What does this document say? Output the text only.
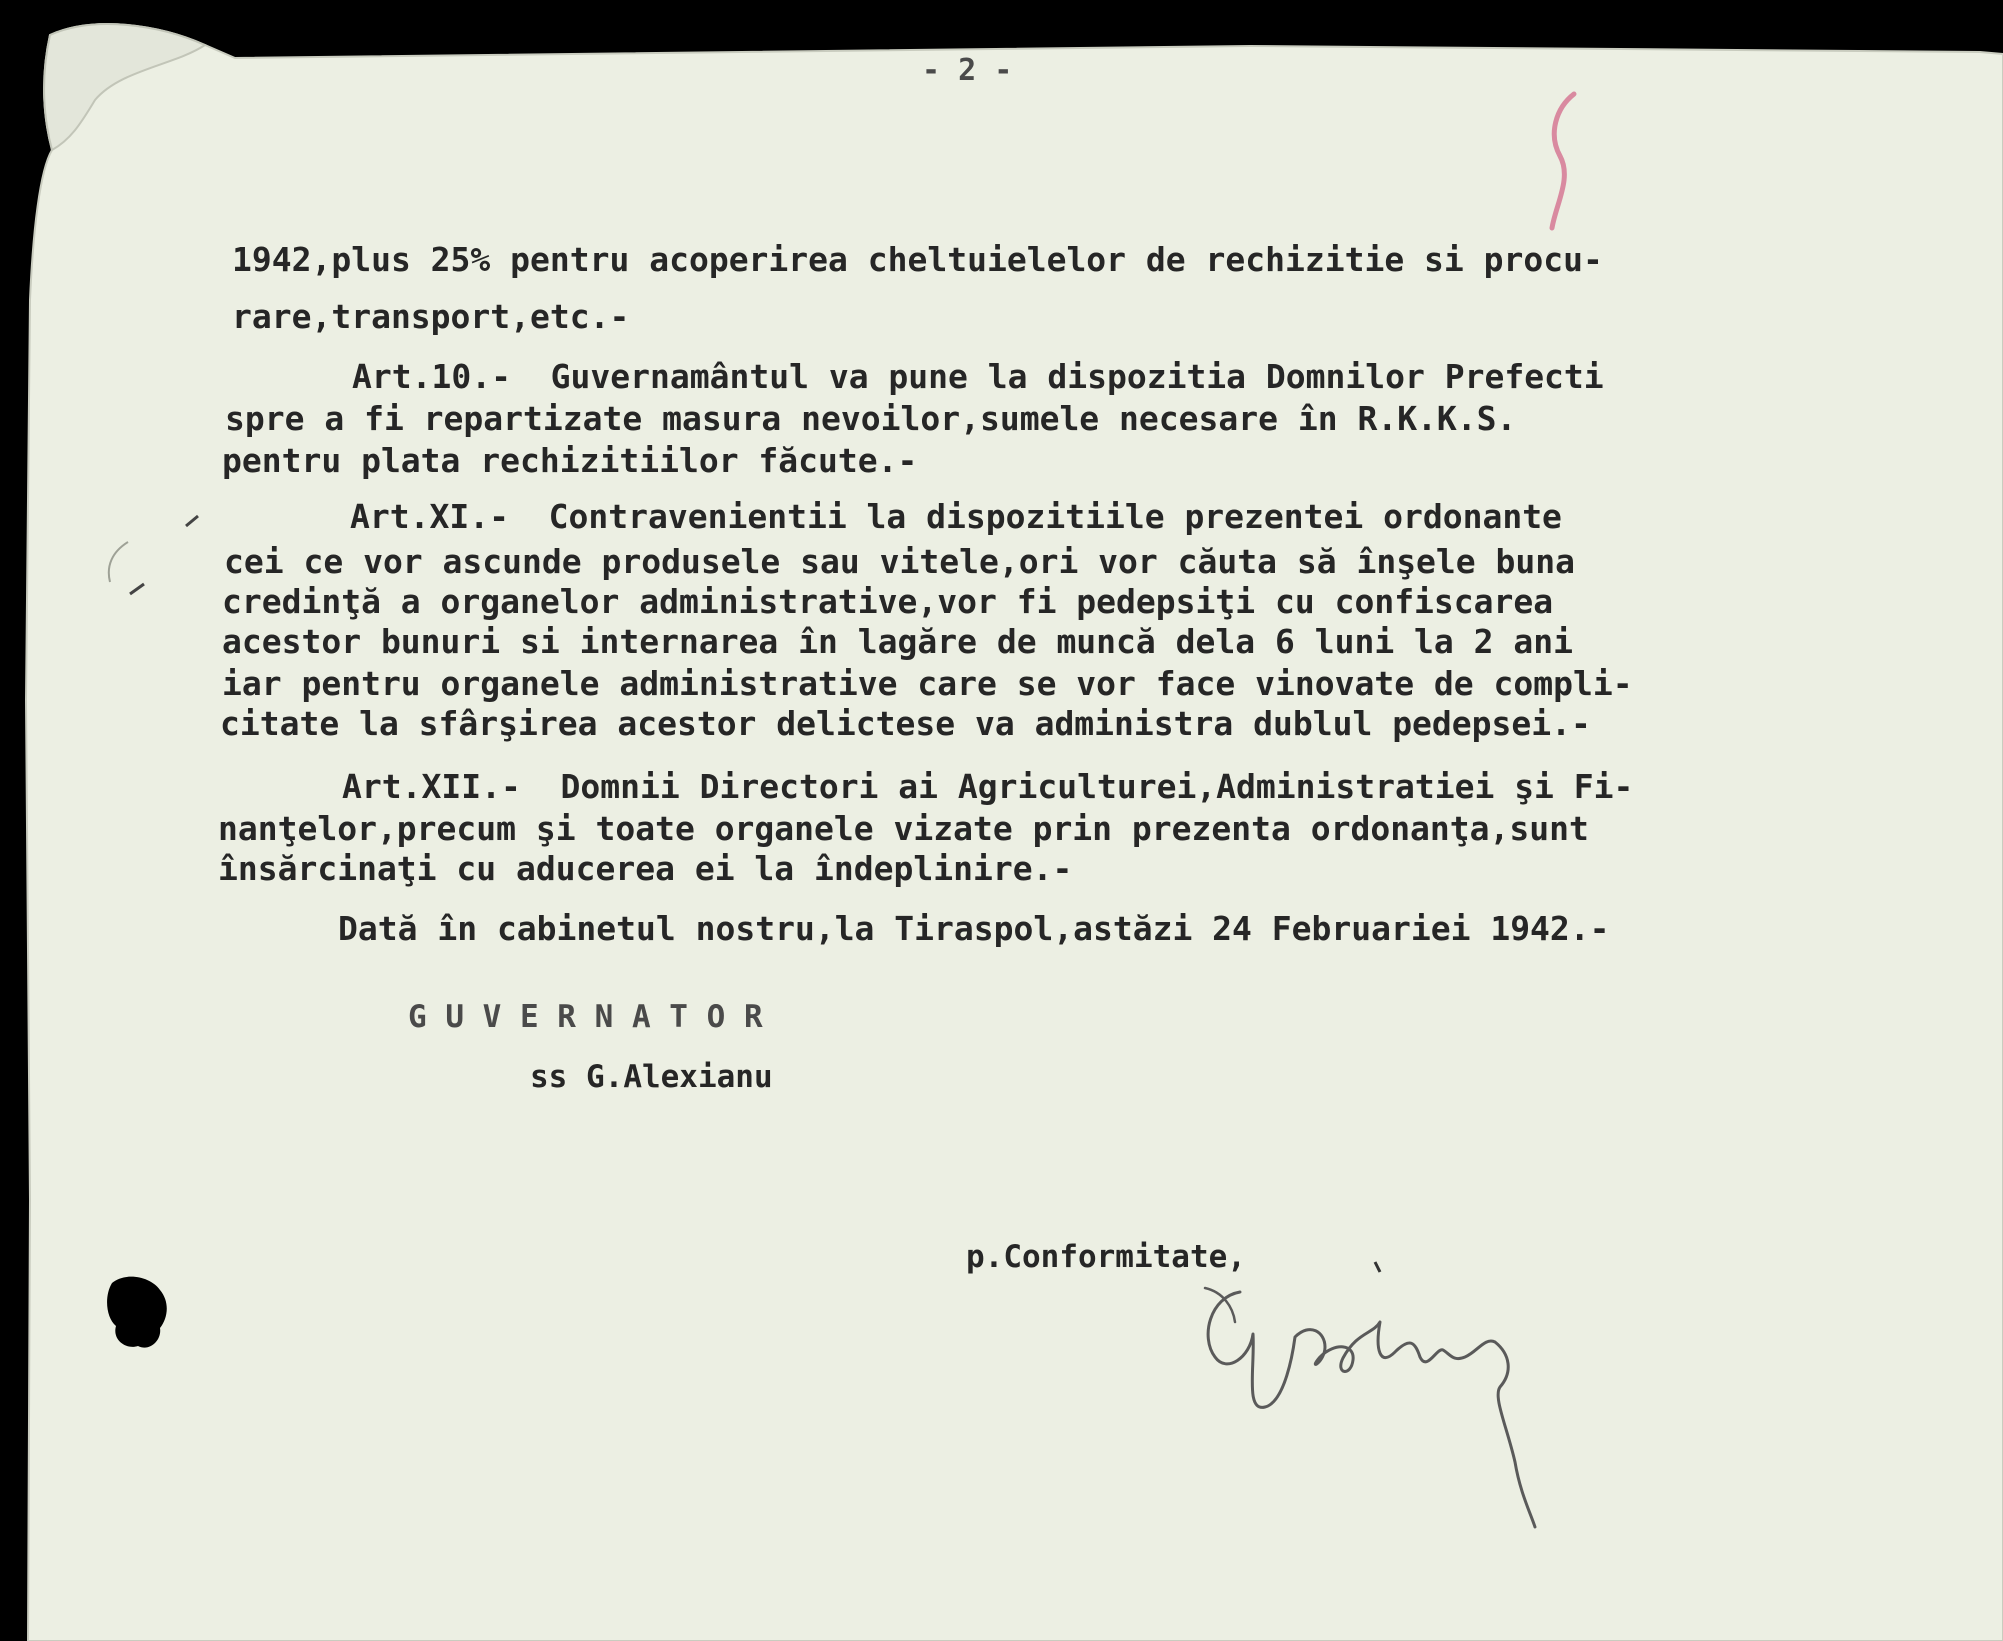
- 2 -
1942,plus 25% pentru acoperirea cheltuielelor de rechizitie si procu-
rare,transport,etc.-
Art.10.-  Guvernamântul va pune la dispozitia Domnilor Prefecti
spre a fi repartizate masura nevoilor,sumele necesare în R.K.K.S.
pentru plata rechizitiilor făcute.-
Art.XI.-  Contravenientii la dispozitiile prezentei ordonante
cei ce vor ascunde produsele sau vitele,ori vor căuta să înşele buna
credinţă a organelor administrative,vor fi pedepsiţi cu confiscarea
acestor bunuri si internarea în lagăre de muncă dela 6 luni la 2 ani
iar pentru organele administrative care se vor face vinovate de compli-
citate la sfârşirea acestor delictese va administra dublul pedepsei.-
Art.XII.-  Domnii Directori ai Agriculturei,Administratiei şi Fi-
nanţelor,precum şi toate organele vizate prin prezenta ordonanţa,sunt
însărcinaţi cu aducerea ei la îndeplinire.-
Dată în cabinetul nostru,la Tiraspol,astăzi 24 Februariei 1942.-
G U V E R N A T O R
ss G.Alexianu
p.Conformitate,
